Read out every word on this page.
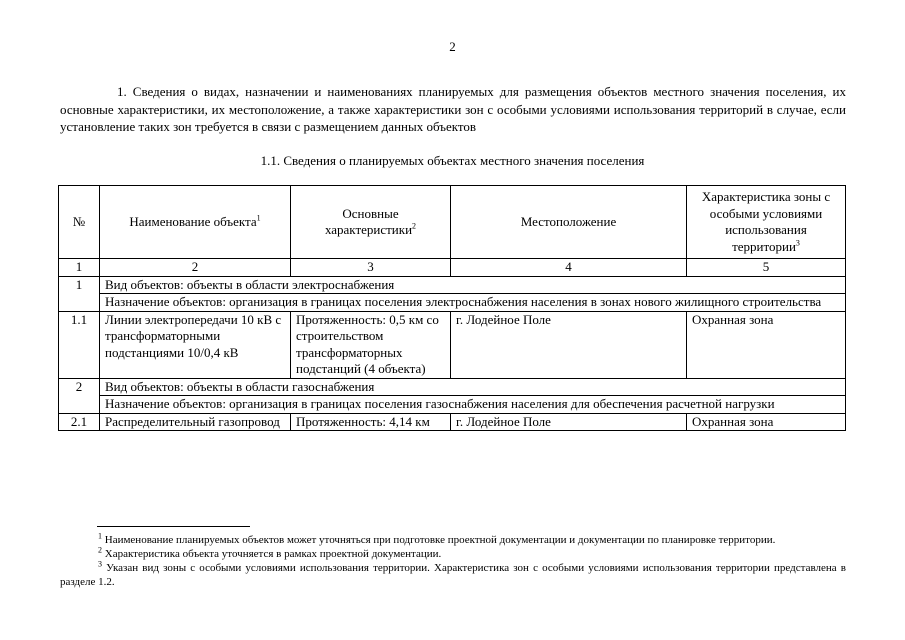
2

1. Сведения о видах, назначении и наименованиях планируемых для размещения объектов местного значения поселения, их основные характеристики, их местоположение, а также характеристики зон с особыми условиями использования территорий в случае, если установление таких зон требуется в связи с размещением данных объектов

1.1. Сведения о планируемых объектах местного значения поселения
№	Наименование объекта$^1$	Основные характеристики$^2$	Местоположение	Характеристика зоны с особыми условиями использования территории$^3$
1	2	3	4	5
1	Вид объектов: объекты в области электроснабжения			
	Назначение объектов: организация в границах поселения электроснабжения населения в зонах нового жилищного строительства			
1.1	Линии электропередачи 10 кВ с трансформаторными подстанциями 10/0,4 кВ	Протяженность: 0,5 км со строительством трансформаторных подстанций (4 объекта)	г. Лодейное Поле	Охранная зона
2	Вид объектов: объекты в области газоснабжения			
	Назначение объектов: организация в границах поселения газоснабжения населения для обеспечения расчетной нагрузки			
2.1	Распределительный газопровод	Протяженность: 4,14 км	г. Лодейное Поле	Охранная зона

$^1$ Наименование планируемых объектов может уточняться при подготовке проектной документации и документации по планировке территории.

$^2$ Характеристика объекта уточняется в рамках проектной документации.

$^3$ Указан вид зоны с особыми условиями использования территории. Характеристика зон с особыми условиями использования территории представлена в разделе 1.2.
